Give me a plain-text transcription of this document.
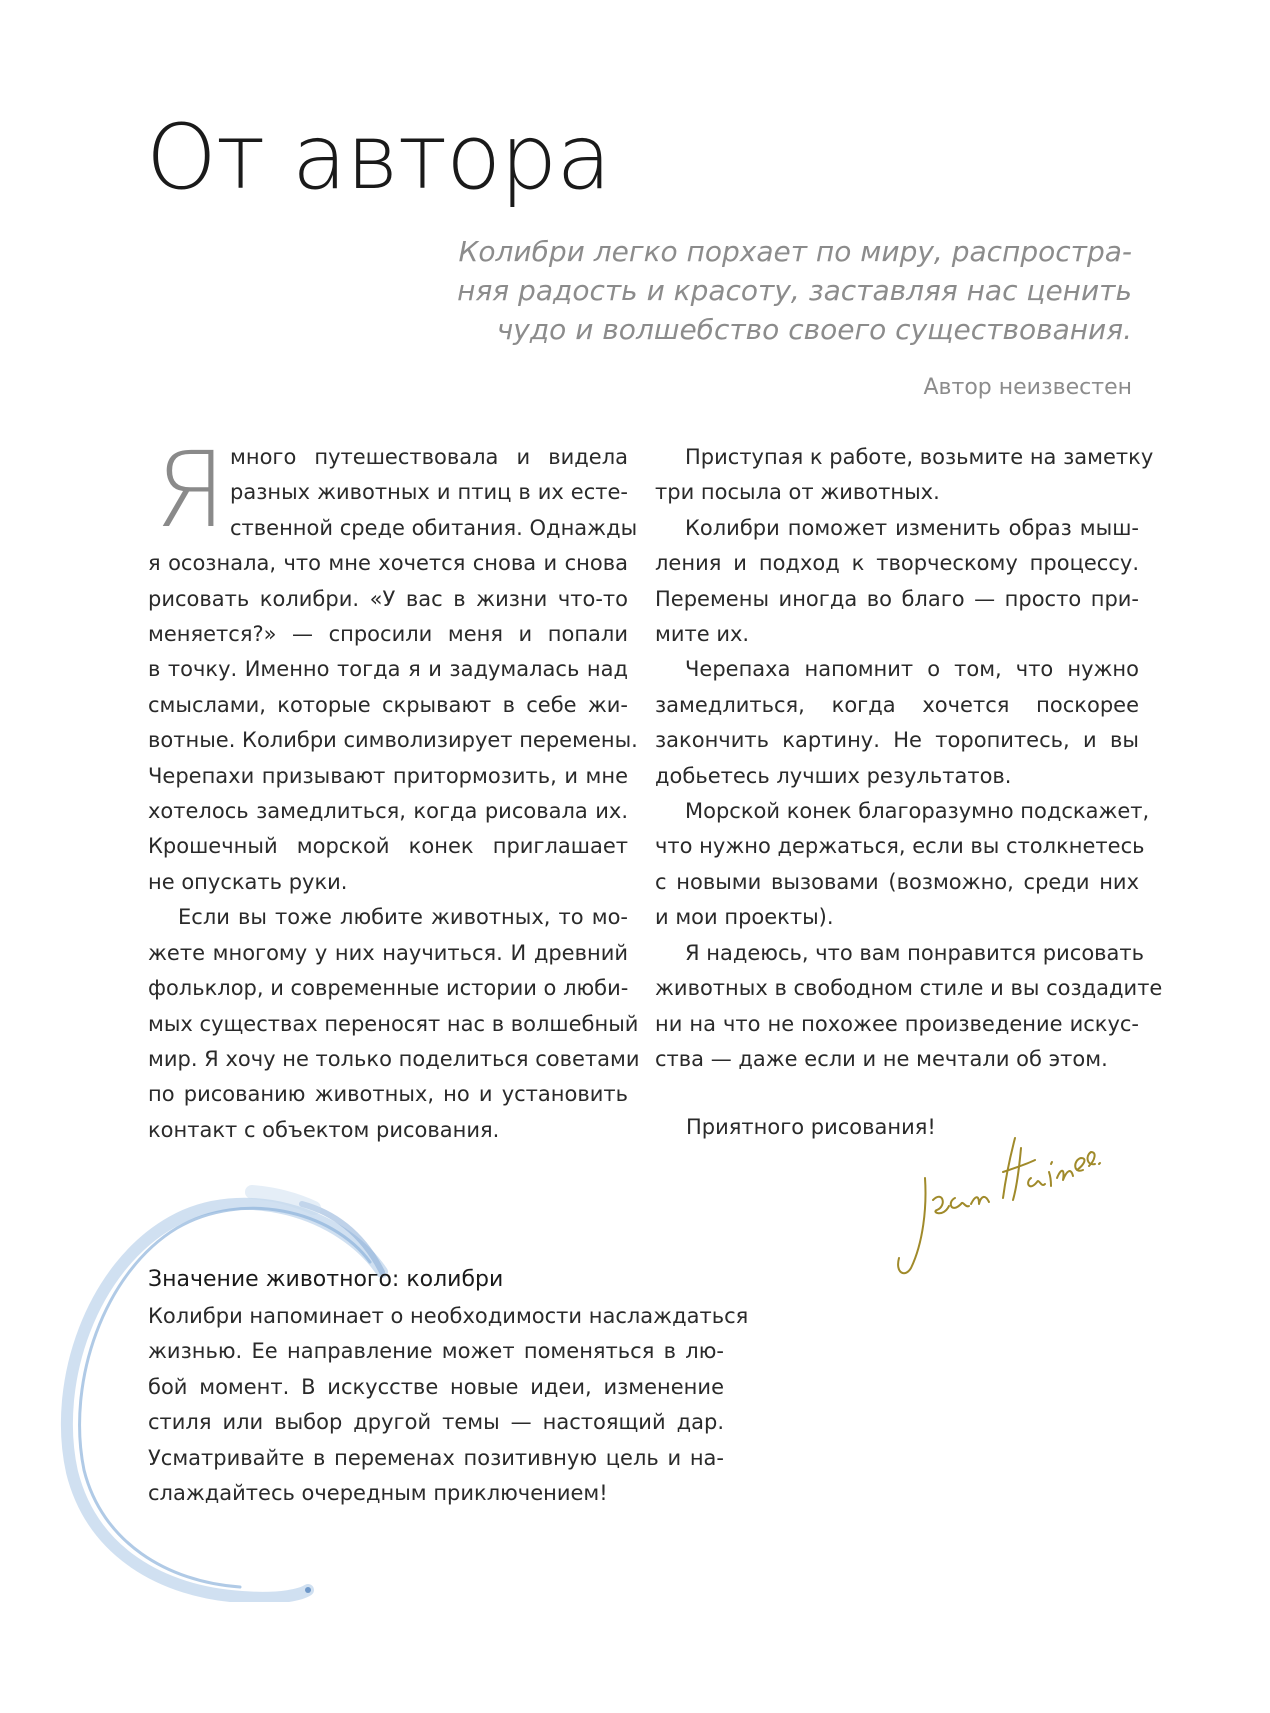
От автора
Колибри легко порхает по миру, распростра-
няя радость и красоту, заставляя нас ценить
чудо и волшебство своего существования.
Автор неизвестен
Я много путешествовала и видела
разных животных и птиц в их есте-
ственной среде обитания. Однажды
я осознала, что мне хочется снова и снова
рисовать колибри. «У вас в жизни что-то
меняется?» — спросили меня и попали
в точку. Именно тогда я и задумалась над
смыслами, которые скрывают в себе жи-
вотные. Колибри символизирует перемены.
Черепахи призывают притормозить, и мне
хотелось замедлиться, когда рисовала их.
Крошечный морской конек приглашает
не опускать руки.
Если вы тоже любите животных, то мо-
жете многому у них научиться. И древний
фольклор, и современные истории о люби-
мых существах переносят нас в волшебный
мир. Я хочу не только поделиться советами
по рисованию животных, но и установить
контакт с объектом рисования.
Приступая к работе, возьмите на заметку
три посыла от животных.
Колибри поможет изменить образ мыш-
ления и подход к творческому процессу.
Перемены иногда во благо — просто при-
мите их.
Черепаха напомнит о том, что нужно
замедлиться, когда хочется поскорее
закончить картину. Не торопитесь, и вы
добьетесь лучших результатов.
Морской конек благоразумно подскажет,
что нужно держаться, если вы столкнетесь
с новыми вызовами (возможно, среди них
и мои проекты).
Я надеюсь, что вам понравится рисовать
животных в свободном стиле и вы создадите
ни на что не похожее произведение искус-
ства — даже если и не мечтали об этом.
Приятного рисования!
Значение животного: колибри
Колибри напоминает о необходимости наслаждаться
жизнью. Ее направление может поменяться в лю-
бой момент. В искусстве новые идеи, изменение
стиля или выбор другой темы — настоящий дар.
Усматривайте в переменах позитивную цель и на-
слаждайтесь очередным приключением!
